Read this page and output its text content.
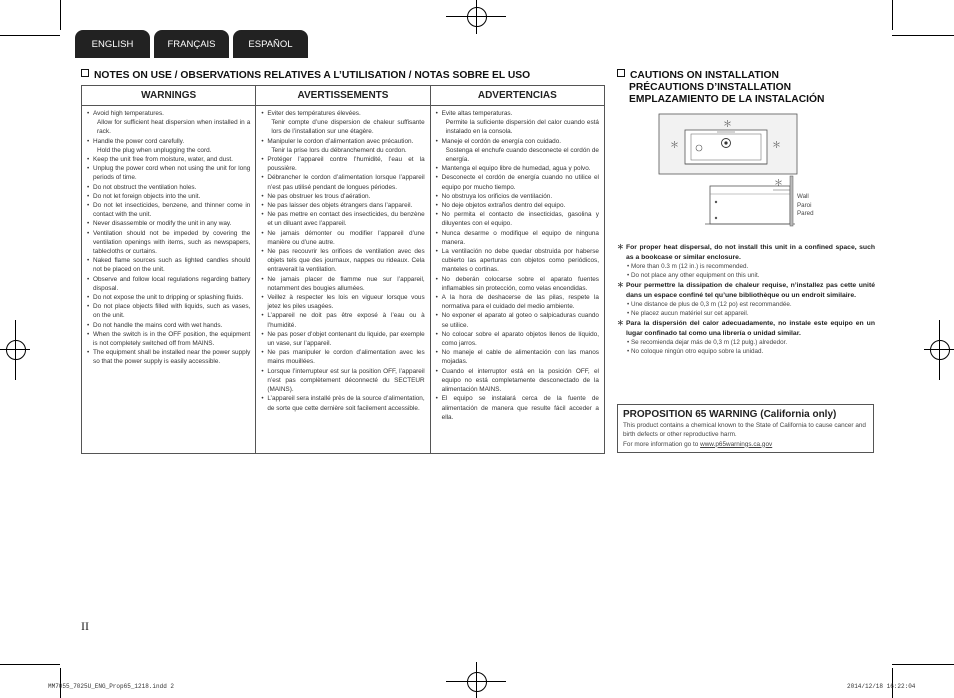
ENGLISH	FRANÇAIS	ESPAÑOL
NOTES ON USE / OBSERVATIONS RELATIVES A L’UTILISATION / NOTAS SOBRE EL USO
WARNINGS	AVERTISSEMENTS	ADVERTENCIAS
• Avoid high temperatures.
Allow for sufficient heat dispersion when installed in a rack.
• Handle the power cord carefully.
Hold the plug when unplugging the cord.
• Keep the unit free from moisture, water, and dust.
• Unplug the power cord when not using the unit for long periods of time.
• Do not obstruct the ventilation holes.
• Do not let foreign objects into the unit.
• Do not let insecticides, benzene, and thinner come in contact with the unit.
• Never disassemble or modify the unit in any way.
• Ventilation should not be impeded by covering the ventilation openings with items, such as newspapers, tablecloths or curtains.
• Naked flame sources such as lighted candles should not be placed on the unit.
• Observe and follow local regulations regarding battery disposal.
• Do not expose the unit to dripping or splashing fluids.
• Do not place objects filled with liquids, such as vases, on the unit.
• Do not handle the mains cord with wet hands.
• When the switch is in the OFF position, the equipment is not completely switched off from MAINS.
• The equipment shall be installed near the power supply so that the power supply is easily accessible.
• Eviter des températures élevées.
Tenir compte d’une dispersion de chaleur suffisante lors de l’installation sur une étagère.
• Manipuler le cordon d’alimentation avec précaution.
Tenir la prise lors du débranchement du cordon.
• Protéger l’appareil contre l’humidité, l’eau et la poussière.
• Débrancher le cordon d’alimentation lorsque l’appareil n’est pas utilisé pendant de longues périodes.
• Ne pas obstruer les trous d’aération.
• Ne pas laisser des objets étrangers dans l’appareil.
• Ne pas mettre en contact des insecticides, du benzène et un diluant avec l’appareil.
• Ne jamais démonter ou modifier l’appareil d’une manière ou d’une autre.
• Ne pas recouvrir les orifices de ventilation avec des objets tels que des journaux, nappes ou rideaux. Cela entraverait la ventilation.
• Ne jamais placer de flamme nue sur l’appareil, notamment des bougies allumées.
• Veillez à respecter les lois en vigueur lorsque vous jetez les piles usagées.
• L’appareil ne doit pas être exposé à l’eau ou à l’humidité.
• Ne pas poser d’objet contenant du liquide, par exemple un vase, sur l’appareil.
• Ne pas manipuler le cordon d’alimentation avec les mains mouillées.
• Lorsque l’interrupteur est sur la position OFF, l’appareil n’est pas complètement déconnecté du SECTEUR (MAINS).
• L’appareil sera installé près de la source d’alimentation, de sorte que cette dernière soit facilement accessible.
• Evite altas temperaturas.
Permite la suficiente dispersión del calor cuando está instalado en la consola.
• Maneje el cordón de energía con cuidado.
Sostenga el enchufe cuando desconecte el cordón de energía.
• Mantenga el equipo libre de humedad, agua y polvo.
• Desconecte el cordón de energía cuando no utilice el equipo por mucho tiempo.
• No obstruya los orificios de ventilación.
• No deje objetos extraños dentro del equipo.
• No permita el contacto de insecticidas, gasolina y diluyentes con el equipo.
• Nunca desarme o modifique el equipo de ninguna manera.
• La ventilación no debe quedar obstruida por haberse cubierto las aperturas con objetos como periódicos, manteles o cortinas.
• No deberán colocarse sobre el aparato fuentes inflamables sin protección, como velas encendidas.
• A la hora de deshacerse de las pilas, respete la normativa para el cuidado del medio ambiente.
• No exponer el aparato al goteo o salpicaduras cuando se utilice.
• No colocar sobre el aparato objetos llenos de líquido, como jarros.
• No maneje el cable de alimentación con las manos mojadas.
• Cuando el interruptor está en la posición OFF, el equipo no está completamente desconectado de la alimentación MAINS.
• El equipo se instalará cerca de la fuente de alimentación de manera que resulte fácil acceder a ella.
CAUTIONS ON INSTALLATION
PRÉCAUTIONS D’INSTALLATION
EMPLAZAMIENTO DE LA INSTALACIÓN
＊
＊	＊
＊
Wall
Paroi
Pared
＊ For proper heat dispersal, do not install this unit in a confined space, such as a bookcase or similar enclosure.
• More than 0.3 m (12 in.) is recommended.
• Do not place any other equipment on this unit.
＊ Pour permettre la dissipation de chaleur requise, n’installez pas cette unité dans un espace confiné tel qu’une bibliothèque ou un endroit similaire.
• Une distance de plus de 0,3 m (12 po) est recommandée.
• Ne placez aucun matériel sur cet appareil.
＊ Para la dispersión del calor adecuadamente, no instale este equipo en un lugar confinado tal como una librería o unidad similar.
• Se recomienda dejar más de 0,3 m (12 pulg.) alrededor.
• No coloque ningún otro equipo sobre la unidad.
PROPOSITION 65 WARNING (California only)
This product contains a chemical known to the State of California to cause cancer and birth defects or other reproductive harm.
For more information go to www.p65warnings.ca.gov
II
MM7055_7025U_ENG_Prop65_1218.indd 2	2014/12/18 16:22:04
